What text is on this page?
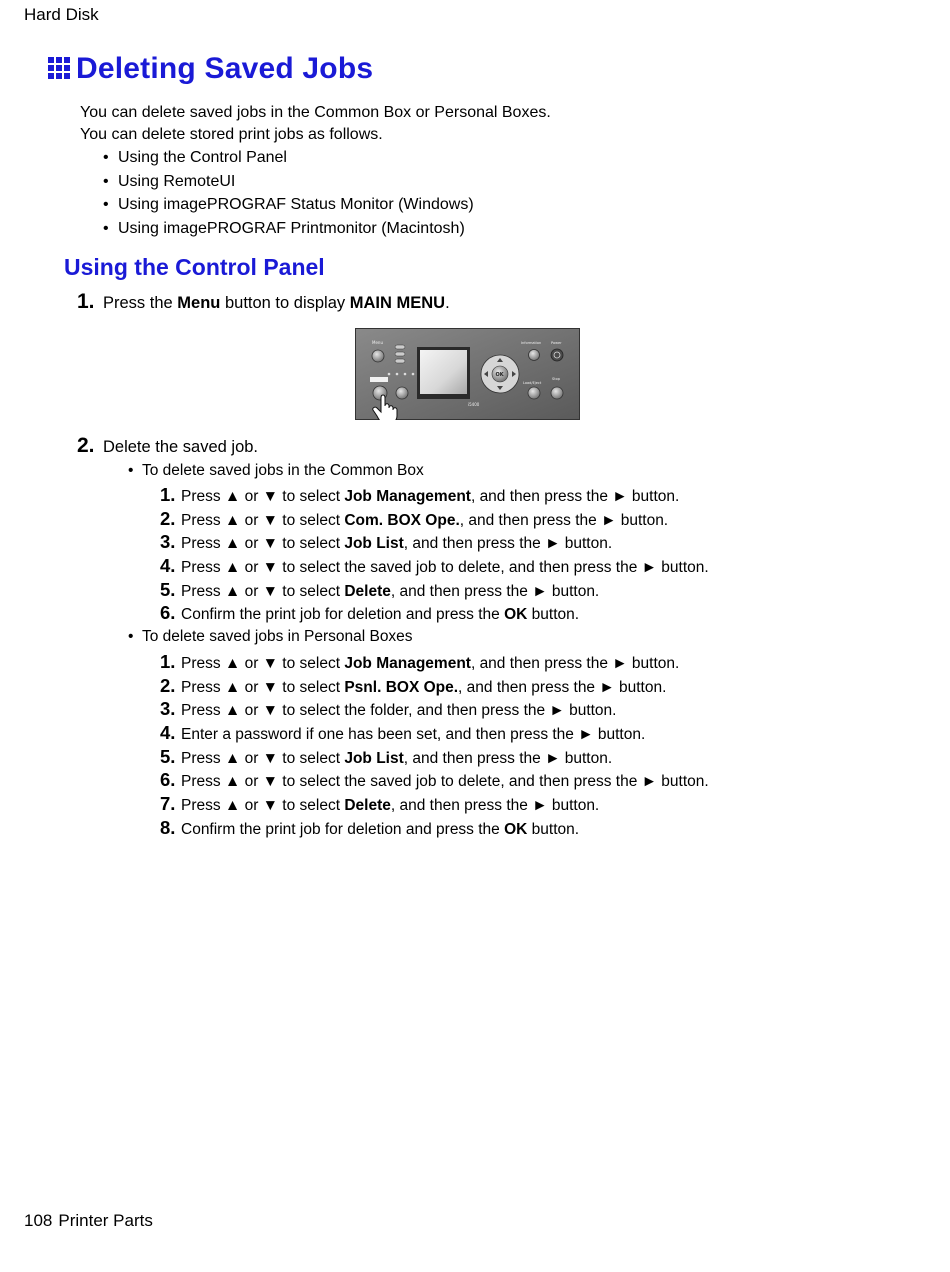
Hard Disk
Deleting Saved Jobs
You can delete saved jobs in the Common Box or Personal Boxes.
You can delete stored print jobs as follows.
• Using the Control Panel
• Using RemoteUI
• Using imagePROGRAF Status Monitor (Windows)
• Using imagePROGRAF Printmonitor (Macintosh)
Using the Control Panel
1. Press the Menu button to display MAIN MENU.
Menu
OK
i5400
Information	Power
Load/Eject
Stop
2. Delete the saved job.
• To delete saved jobs in the Common Box
1. Press ▲ or ▼ to select Job Management, and then press the ► button.
2. Press ▲ or ▼ to select Com. BOX Ope., and then press the ► button.
3. Press ▲ or ▼ to select Job List, and then press the ► button.
4. Press ▲ or ▼ to select the saved job to delete, and then press the ► button.
5. Press ▲ or ▼ to select Delete, and then press the ► button.
6. Confirm the print job for deletion and press the OK button.
• To delete saved jobs in Personal Boxes
1. Press ▲ or ▼ to select Job Management, and then press the ► button.
2. Press ▲ or ▼ to select Psnl. BOX Ope., and then press the ► button.
3. Press ▲ or ▼ to select the folder, and then press the ► button.
4. Enter a password if one has been set, and then press the ► button.
5. Press ▲ or ▼ to select Job List, and then press the ► button.
6. Press ▲ or ▼ to select the saved job to delete, and then press the ► button.
7. Press ▲ or ▼ to select Delete, and then press the ► button.
8. Confirm the print job for deletion and press the OK button.
108 Printer Parts
